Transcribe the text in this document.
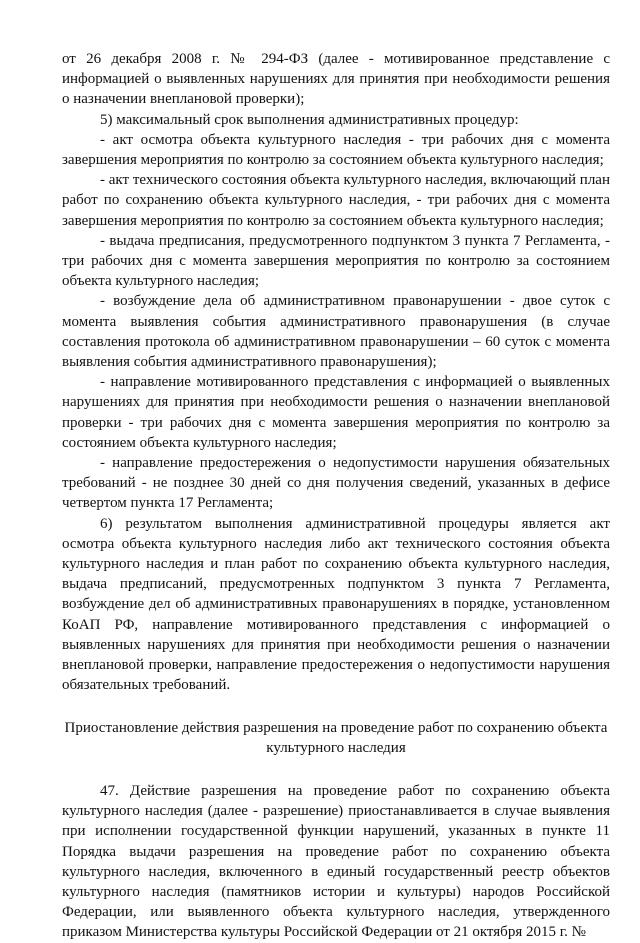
от 26 декабря 2008 г. № 294-ФЗ (далее - мотивированное представление с информацией о выявленных нарушениях для принятия при необходимости решения о назначении внеплановой проверки);

5) максимальный срок выполнения административных процедур:

- акт осмотра объекта культурного наследия - три рабочих дня с момента завершения мероприятия по контролю за состоянием объекта культурного наследия;

- акт технического состояния объекта культурного наследия, включающий план работ по сохранению объекта культурного наследия, - три рабочих дня с момента завершения мероприятия по контролю за состоянием объекта культурного наследия;

- выдача предписания, предусмотренного подпунктом 3 пункта 7 Регламента, - три рабочих дня с момента завершения мероприятия по контролю за состоянием объекта культурного наследия;

- возбуждение дела об административном правонарушении - двое суток с момента выявления события административного правонарушения (в случае составления протокола об административном правонарушении – 60 суток с момента выявления события административного правонарушения);

- направление мотивированного представления с информацией о выявленных нарушениях для принятия при необходимости решения о назначении внеплановой проверки - три рабочих дня с момента завершения мероприятия по контролю за состоянием объекта культурного наследия;

- направление предостережения о недопустимости нарушения обязательных требований - не позднее 30 дней со дня получения сведений, указанных в дефисе четвертом пункта 17 Регламента;

6) результатом выполнения административной процедуры является акт осмотра объекта культурного наследия либо акт технического состояния объекта культурного наследия и план работ по сохранению объекта культурного наследия, выдача предписаний, предусмотренных подпунктом 3 пункта 7 Регламента, возбуждение дел об административных правонарушениях в порядке, установленном КоАП РФ, направление мотивированного представления с информацией о выявленных нарушениях для принятия при необходимости решения о назначении внеплановой проверки, направление предостережения о недопустимости нарушения обязательных требований.

Приостановление действия разрешения на проведение работ по сохранению объекта культурного наследия

47. Действие разрешения на проведение работ по сохранению объекта культурного наследия (далее - разрешение) приостанавливается в случае выявления при исполнении государственной функции нарушений, указанных в пункте 11 Порядка выдачи разрешения на проведение работ по сохранению объекта культурного наследия, включенного в единый государственный реестр объектов культурного наследия (памятников истории и культуры) народов Российской Федерации, или выявленного объекта культурного наследия, утвержденного приказом Министерства культуры Российской Федерации от 21 октября 2015 г. №
